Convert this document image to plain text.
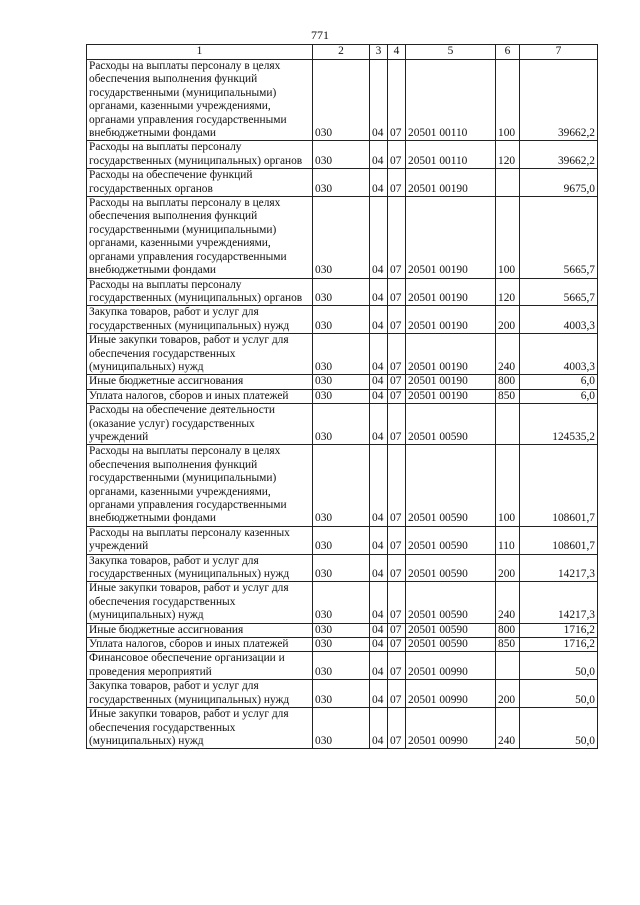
771
1	2	3	4	5	6	7
Расходы на выплаты персоналу в целях обеспечения выполнения функций государственными (муниципальными) органами, казенными учреждениями, органами управления государственными внебюджетными фондами	030	04	07	20501 00110	100	39662,2
Расходы на выплаты персоналу государственных (муниципальных) органов	030	04	07	20501 00110	120	39662,2
Расходы на обеспечение функций государственных органов	030	04	07	20501 00190		9675,0
Расходы на выплаты персоналу в целях обеспечения выполнения функций государственными (муниципальными) органами, казенными учреждениями, органами управления государственными внебюджетными фондами	030	04	07	20501 00190	100	5665,7
Расходы на выплаты персоналу государственных (муниципальных) органов	030	04	07	20501 00190	120	5665,7
Закупка товаров, работ и услуг для государственных (муниципальных) нужд	030	04	07	20501 00190	200	4003,3
Иные закупки товаров, работ и услуг для обеспечения государственных (муниципальных) нужд	030	04	07	20501 00190	240	4003,3
Иные бюджетные ассигнования	030	04	07	20501 00190	800	6,0
Уплата налогов, сборов и иных платежей	030	04	07	20501 00190	850	6,0
Расходы на обеспечение деятельности (оказание услуг) государственных учреждений	030	04	07	20501 00590		124535,2
Расходы на выплаты персоналу в целях обеспечения выполнения функций государственными (муниципальными) органами, казенными учреждениями, органами управления государственными внебюджетными фондами	030	04	07	20501 00590	100	108601,7
Расходы на выплаты персоналу казенных учреждений	030	04	07	20501 00590	110	108601,7
Закупка товаров, работ и услуг для государственных (муниципальных) нужд	030	04	07	20501 00590	200	14217,3
Иные закупки товаров, работ и услуг для обеспечения государственных (муниципальных) нужд	030	04	07	20501 00590	240	14217,3
Иные бюджетные ассигнования	030	04	07	20501 00590	800	1716,2
Уплата налогов, сборов и иных платежей	030	04	07	20501 00590	850	1716,2
Финансовое обеспечение организации и проведения мероприятий	030	04	07	20501 00990		50,0
Закупка товаров, работ и услуг для государственных (муниципальных) нужд	030	04	07	20501 00990	200	50,0
Иные закупки товаров, работ и услуг для обеспечения государственных (муниципальных) нужд	030	04	07	20501 00990	240	50,0
